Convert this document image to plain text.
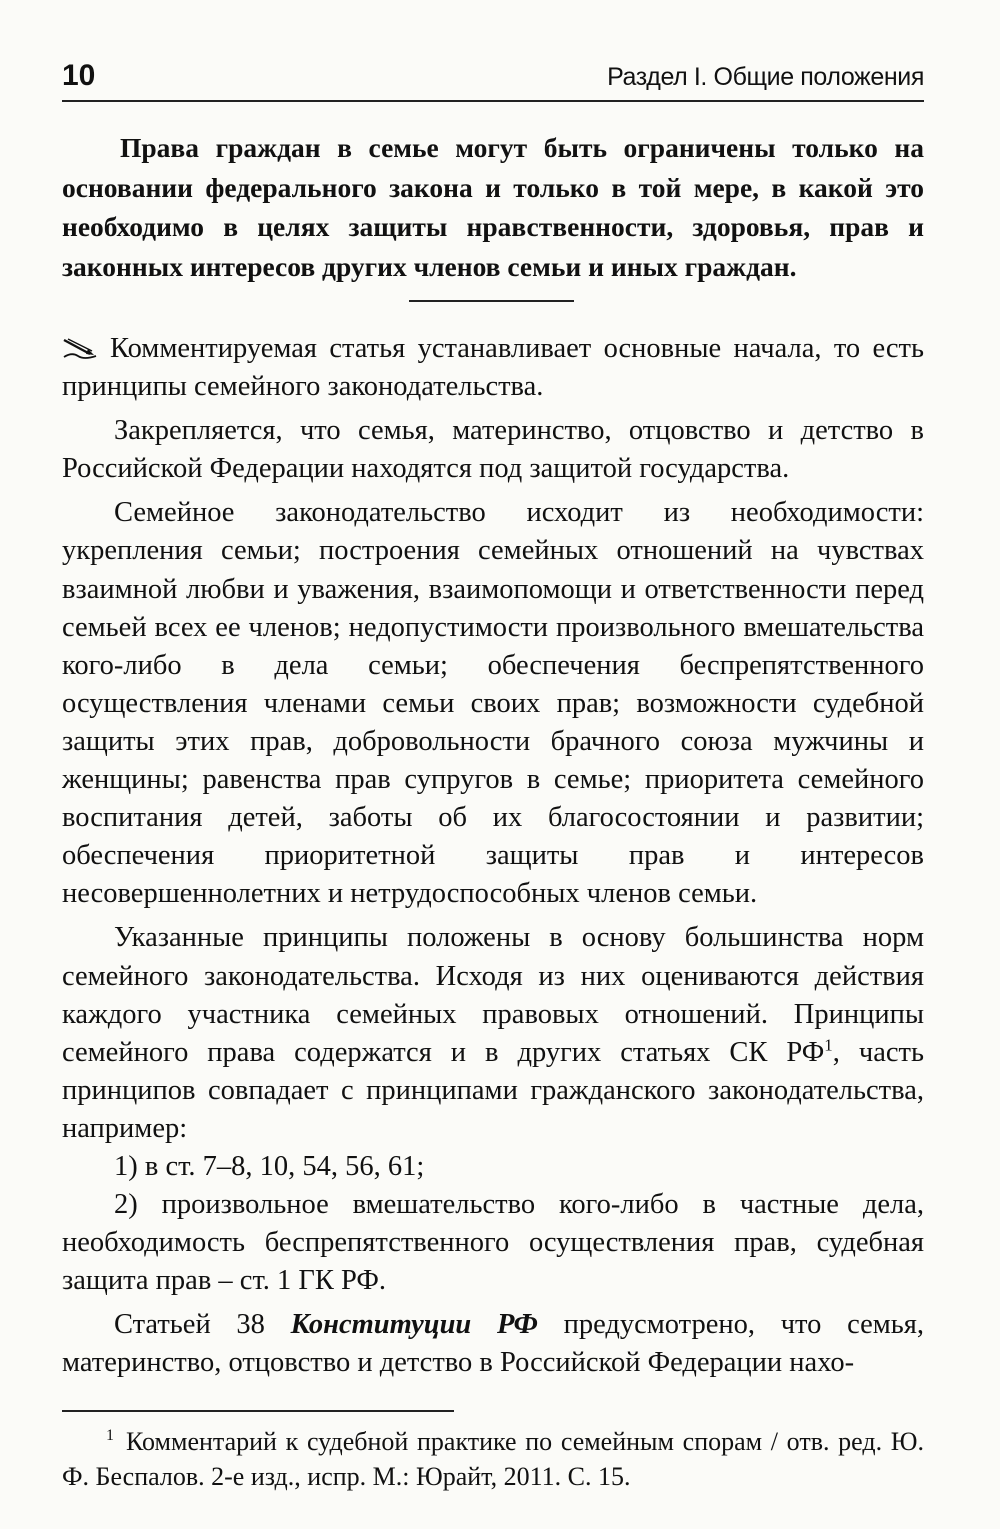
10	Раздел I. Общие положения

Права граждан в семье могут быть ограничены только на основании федерального закона и только в той мере, в какой это необходимо в целях защиты нравственности, здоровья, прав и законных интересов других членов семьи и иных граждан.

Комментируемая статья устанавливает основные начала, то есть принципы семейного законодательства.

Закрепляется, что семья, материнство, отцовство и детство в Российской Федерации находятся под защитой государства.

Семейное законодательство исходит из необходимости: укрепления семьи; построения семейных отношений на чувствах взаимной любви и уважения, взаимопомощи и ответственности перед семьей всех ее членов; недопустимости произвольного вмешательства кого-либо в дела семьи; обеспечения беспрепятственного осуществления членами семьи своих прав; возможности судебной защиты этих прав, добровольности брачного союза мужчины и женщины; равенства прав супругов в семье; приоритета семейного воспитания детей, заботы об их благосостоянии и развитии; обеспечения приоритетной защиты прав и интересов несовершеннолетних и нетрудоспособных членов семьи.

Указанные принципы положены в основу большинства норм семейного законодательства. Исходя из них оцениваются действия каждого участника семейных правовых отношений. Принципы семейного права содержатся и в других статьях СК РФ$^1$, часть принципов совпадает с принципами гражданского законодательства, например:

1) в ст. 7–8, 10, 54, 56, 61;

2) произвольное вмешательство кого-либо в частные дела, необходимость беспрепятственного осуществления прав, судебная защита прав – ст. 1 ГК РФ.

Статьей 38 Конституции РФ предусмотрено, что семья, материнство, отцовство и детство в Российской Федерации нахо-

$^1$ Комментарий к судебной практике по семейным спорам / отв. ред. Ю. Ф. Беспалов. 2-е изд., испр. М.: Юрайт, 2011. С. 15.
